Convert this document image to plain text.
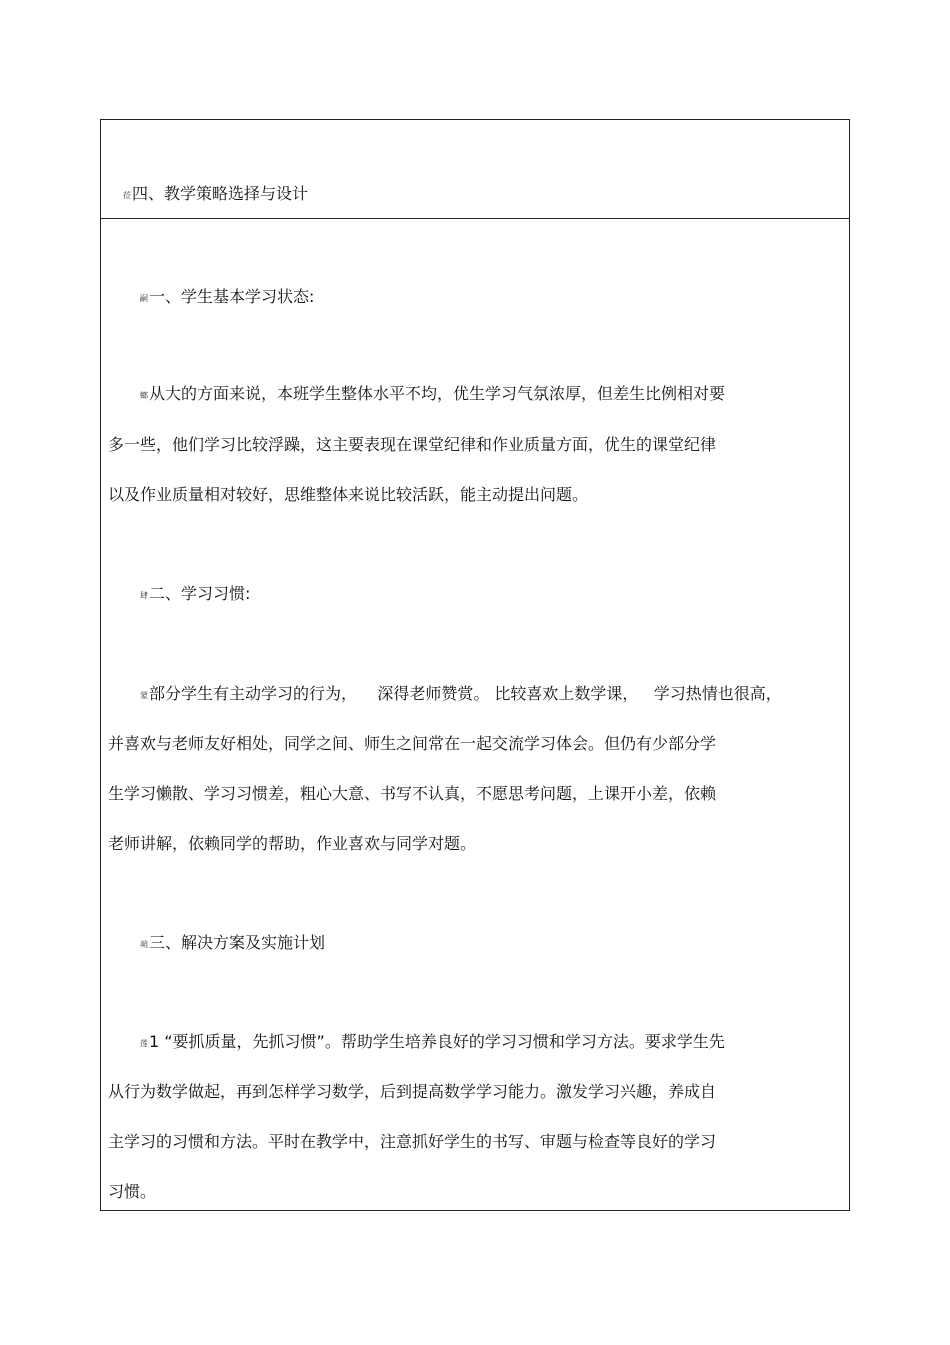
莅四、教学策略选择与设计
嗣一、学生基本学习状态:
螂从大的方面来说，本班学生整体水平不均，优生学习气氛浓厚，但差生比例相对要
多一些，他们学习比较浮躁，这主要表现在课堂纪律和作业质量方面，优生的课堂纪律
以及作业质量相对较好，思维整体来说比较活跃，能主动提出问题。
肆二、学习习惯:
蒙部分学生有主动学习的行为，    深得老师赞赏。 比较喜欢上数学课，   学习热情也很高，
并喜欢与老师友好相处，同学之间、师生之间常在一起交流学习体会。但仍有少部分学
生学习懒散、学习习惯差，粗心大意、书写不认真，不愿思考问题，上课开小差，依赖
老师讲解，依赖同学的帮助，作业喜欢与同学对题。
蒴三、解决方案及实施计划
莲1 “要抓质量，先抓习惯”。帮助学生培养良好的学习习惯和学习方法。要求学生先
从行为数学做起，再到怎样学习数学，后到提高数学学习能力。激发学习兴趣，养成自
主学习的习惯和方法。平时在教学中，注意抓好学生的书写、审题与检查等良好的学习
习惯。
